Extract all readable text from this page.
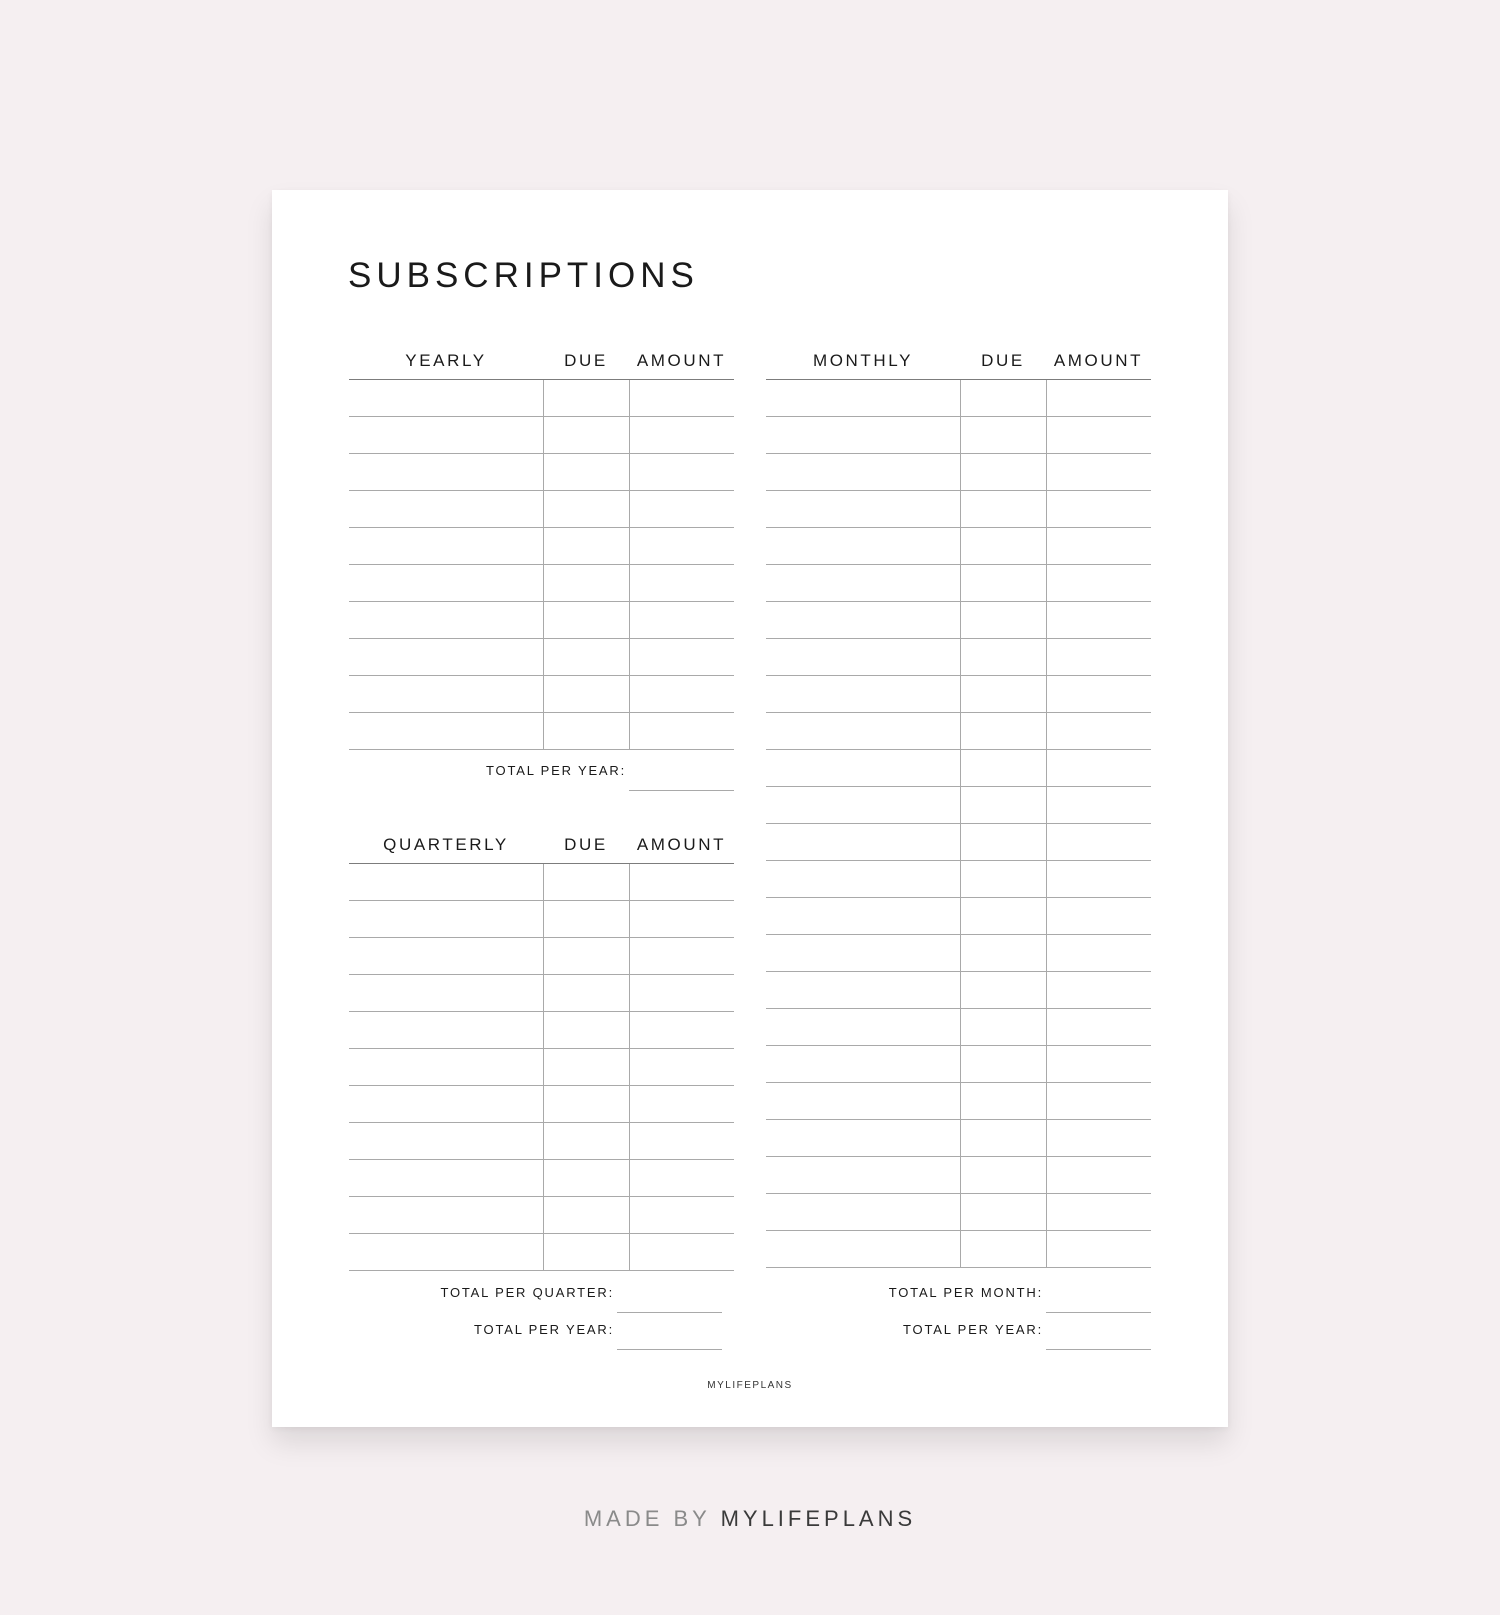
SUBSCRIPTIONS
YEARLY	DUE	AMOUNT
TOTAL PER YEAR:
QUARTERLY	DUE	AMOUNT
TOTAL PER QUARTER:
TOTAL PER YEAR:
MONTHLY	DUE	AMOUNT
TOTAL PER MONTH:
TOTAL PER YEAR:
MYLIFEPLANS
MADE BY MYLIFEPLANS
